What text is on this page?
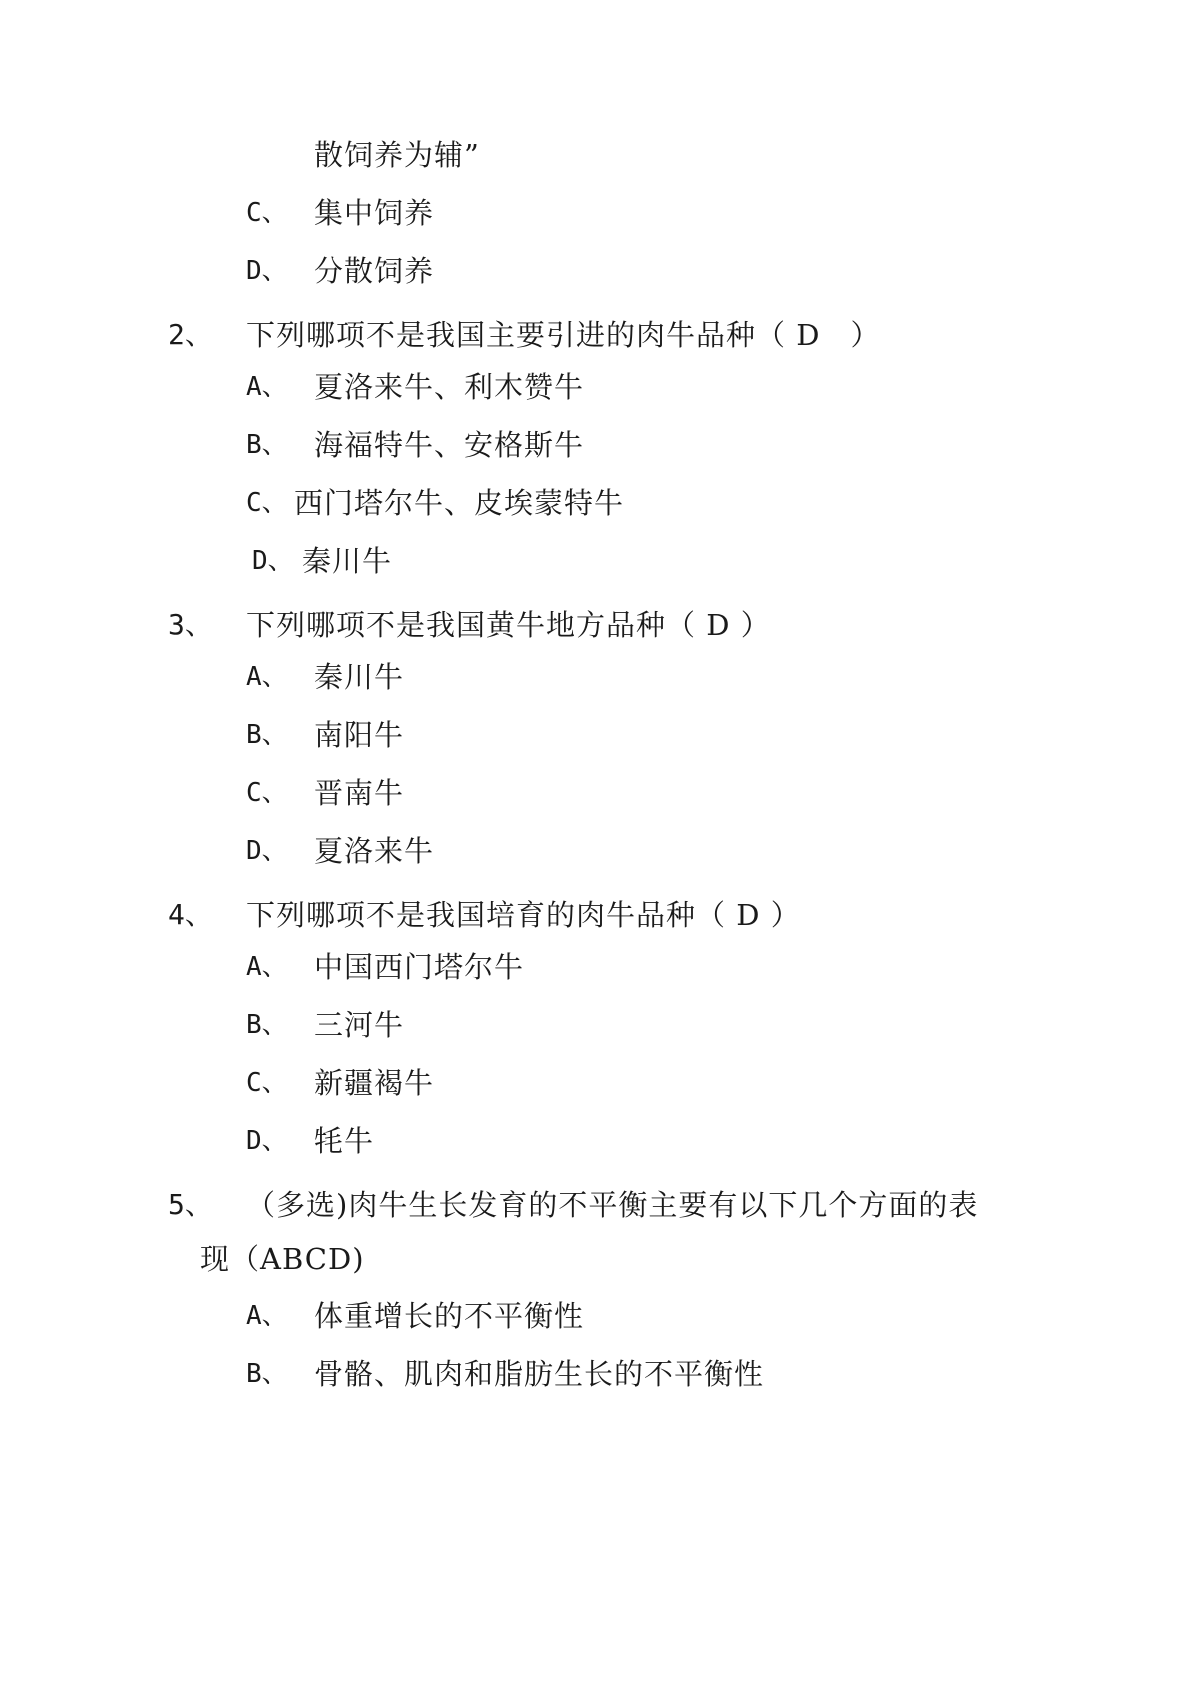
散饲养为辅”
C、 集中饲养
D、 分散饲养
2、 下列哪项不是我国主要引进的肉牛品种（ D　）
A、 夏洛来牛、利木赞牛
B、 海福特牛、安格斯牛
C、 西门塔尔牛、皮埃蒙特牛
D、 秦川牛
3、 下列哪项不是我国黄牛地方品种（ D ）
A、 秦川牛
B、 南阳牛
C、 晋南牛
D、 夏洛来牛
4、 下列哪项不是我国培育的肉牛品种（ D ）
A、 中国西门塔尔牛
B、 三河牛
C、 新疆褐牛
D、 牦牛
5、 （多选)肉牛生长发育的不平衡主要有以下几个方面的表
现（ABCD)
A、 体重增长的不平衡性
B、 骨骼、肌肉和脂肪生长的不平衡性
